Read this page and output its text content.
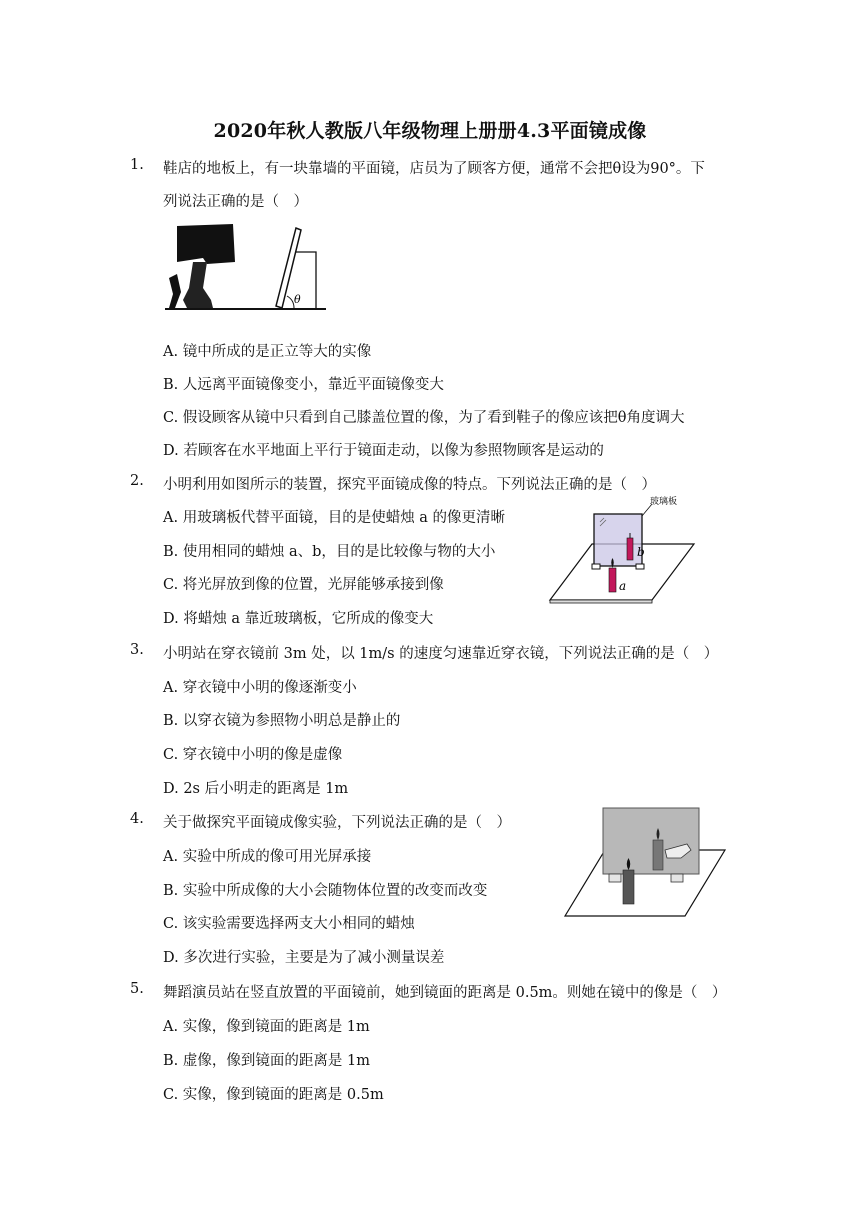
2020年秋人教版八年级物理上册册4.3平面镜成像
1. 鞋店的地板上，有一块靠墙的平面镜，店员为了顾客方便，通常不会把θ设为90°。下
列说法正确的是（　）
θ
A. 镜中所成的是正立等大的实像
B. 人远离平面镜像变小，靠近平面镜像变大
C. 假设顾客从镜中只看到自己膝盖位置的像，为了看到鞋子的像应该把θ角度调大
D. 若顾客在水平地面上平行于镜面走动，以像为参照物顾客是运动的
2. 小明利用如图所示的装置，探究平面镜成像的特点。下列说法正确的是（　）
A. 用玻璃板代替平面镜，目的是使蜡烛 a 的像更清晰
B. 使用相同的蜡烛 a、b，目的是比较像与物的大小
C. 将光屏放到像的位置，光屏能够承接到像
D. 将蜡烛 a 靠近玻璃板，它所成的像变大
b
a
玻璃板
3. 小明站在穿衣镜前 3m 处，以 1m/s 的速度匀速靠近穿衣镜，下列说法正确的是（　）
A. 穿衣镜中小明的像逐渐变小
B. 以穿衣镜为参照物小明总是静止的
C. 穿衣镜中小明的像是虚像
D. 2s 后小明走的距离是 1m
4. 关于做探究平面镜成像实验，下列说法正确的是（　）
A. 实验中所成的像可用光屏承接
B. 实验中所成像的大小会随物体位置的改变而改变
C. 该实验需要选择两支大小相同的蜡烛
D. 多次进行实验，主要是为了减小测量误差
5. 舞蹈演员站在竖直放置的平面镜前，她到镜面的距离是 0.5m。则她在镜中的像是（　）
A. 实像，像到镜面的距离是 1m
B. 虚像，像到镜面的距离是 1m
C. 实像，像到镜面的距离是 0.5m
